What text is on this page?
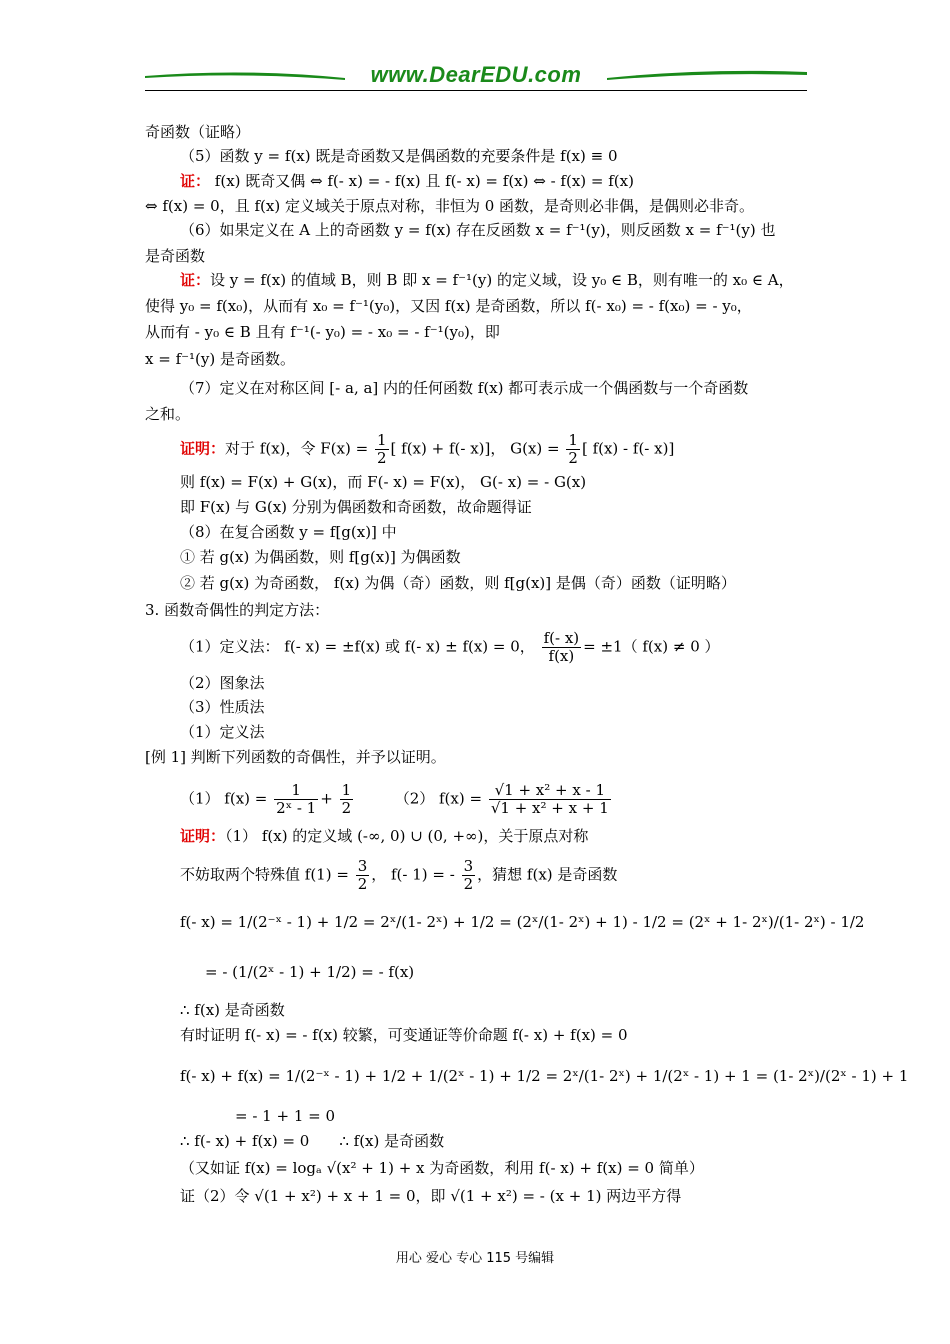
www.DearEDU.com
奇函数（证略）
（5）函数 y = f(x) 既是奇函数又是偶函数的充要条件是 f(x) ≡ 0
证： f(x) 既奇又偶 ⇔ f(- x) = - f(x) 且 f(- x) = f(x) ⇔ - f(x) = f(x)
⇔ f(x) = 0，且 f(x) 定义域关于原点对称，非恒为 0 函数，是奇则必非偶，是偶则必非奇。
（6）如果定义在 A 上的奇函数 y = f(x) 存在反函数 x = f⁻¹(y)，则反函数 x = f⁻¹(y) 也
是奇函数
证：设 y = f(x) 的值域 B，则 B 即 x = f⁻¹(y) 的定义域，设 y₀ ∈ B，则有唯一的 x₀ ∈ A，
使得 y₀ = f(x₀)，从而有 x₀ = f⁻¹(y₀)，又因 f(x) 是奇函数，所以 f(- x₀) = - f(x₀) = - y₀，
从而有 - y₀ ∈ B 且有 f⁻¹(- y₀) = - x₀ = - f⁻¹(y₀)，即
x = f⁻¹(y) 是奇函数。
（7）定义在对称区间 [- a, a] 内的任何函数 f(x) 都可表示成一个偶函数与一个奇函数
之和。
证明：对于 f(x)，令 $F(x) = \frac{1}{2}$ [ f(x) + f(- x)]， $G(x) = \frac{1}{2}$ [ f(x) - f(- x)]
则 f(x) = F(x) + G(x)，而 F(- x) = F(x)， G(- x) = - G(x)
即 F(x) 与 G(x) 分别为偶函数和奇函数，故命题得证
（8）在复合函数 y = f[g(x)] 中
① 若 g(x) 为偶函数，则 f[g(x)] 为偶函数
② 若 g(x) 为奇函数， f(x) 为偶（奇）函数，则 f[g(x)] 是偶（奇）函数（证明略）
3. 函数奇偶性的判定方法：
（1）定义法： f(- x) = ±f(x) 或 f(- x) ± f(x) = 0， $\frac{f(- x)}{f(x)} = \pm 1$（ f(x) ≠ 0 ）
（2）图象法
（3）性质法
（1）定义法
[例 1] 判断下列函数的奇偶性，并予以证明。
（1） $f(x) = \frac{1}{\text{2ˣ - 1}} + \frac{1}{2}$	（2） $f(x) = \frac{\text{√1 + x² + x - 1}}{\text{√1 + x² + x + 1}}$
证明：（1） f(x) 的定义域 (-∞, 0) ∪ (0, +∞)，关于原点对称
不妨取两个特殊值 $f(1) = \frac{3}{2}$ ， f(- 1) = - $\frac{3}{2}$ ，猜想 f(x) 是奇函数
f(- x) = 1/(2⁻ˣ - 1) + 1/2 = 2ˣ/(1- 2ˣ) + 1/2 = (2ˣ/(1- 2ˣ) + 1) - 1/2 = (2ˣ + 1- 2ˣ)/(1- 2ˣ) - 1/2
= - (1/(2ˣ - 1) + 1/2) = - f(x)
∴ f(x) 是奇函数
有时证明 f(- x) = - f(x) 较繁，可变通证等价命题 f(- x) + f(x) = 0
f(- x) + f(x) = 1/(2⁻ˣ - 1) + 1/2 + 1/(2ˣ - 1) + 1/2 = 2ˣ/(1- 2ˣ) + 1/(2ˣ - 1) + 1 = (1- 2ˣ)/(2ˣ - 1) + 1
= - 1 + 1 = 0
∴ f(- x) + f(x) = 0 ∴ f(x) 是奇函数
（又如证 f(x) = logₐ √(x² + 1) + x 为奇函数，利用 f(- x) + f(x) = 0 简单）
证（2）令 √(1 + x²) + x + 1 = 0，即 √(1 + x²) = - (x + 1) 两边平方得
用心 爱心 专心 115 号编辑
